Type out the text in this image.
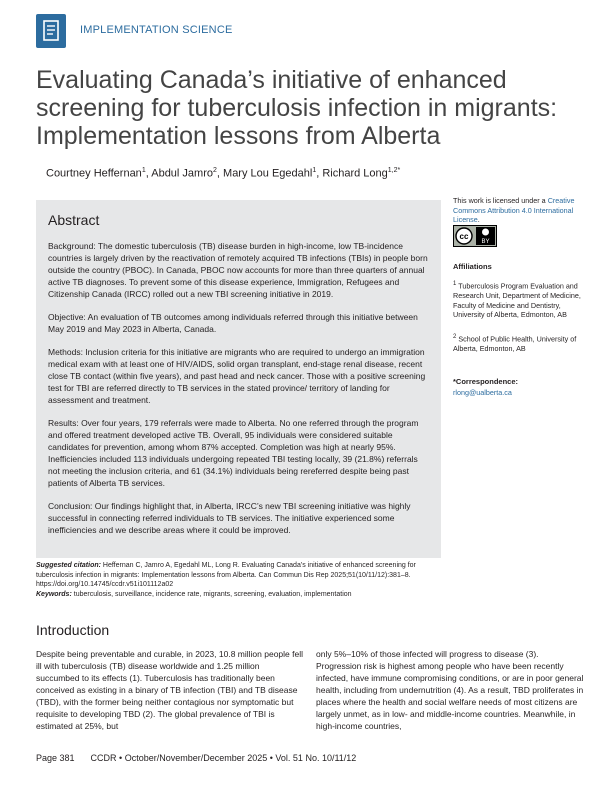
IMPLEMENTATION SCIENCE
Evaluating Canada’s initiative of enhanced screening for tuberculosis infection in migrants: Implementation lessons from Alberta
Courtney Heffernan$^1$, Abdul Jamro$^2$, Mary Lou Egedahl$^1$, Richard Long$^{1,2*}$
Abstract

Background: The domestic tuberculosis (TB) disease burden in high-income, low TB-incidence countries is largely driven by the reactivation of remotely acquired TB infections (TBIs) in people born outside the country (PBOC). In Canada, PBOC now accounts for more than three quarters of annual active TB diagnoses. To prevent some of this disease experience, Immigration, Refugees and Citizenship Canada (IRCC) rolled out a new TBI screening initiative in 2019.

Objective: An evaluation of TB outcomes among individuals referred through this initiative between May 2019 and May 2023 in Alberta, Canada.

Methods: Inclusion criteria for this initiative are migrants who are required to undergo an immigration medical exam with at least one of HIV/AIDS, solid organ transplant, end-stage renal disease, recent close TB contact (within five years), and past head and neck cancer. Those with a positive screening test for TBI are referred directly to TB services in the stated province/ territory of landing for assessment and treatment.

Results: Over four years, 179 referrals were made to Alberta. No one referred through the program and offered treatment developed active TB. Overall, 95 individuals were considered suitable candidates for prevention, among whom 87% accepted. Completion was high at nearly 95%. Inefficiencies included 113 individuals undergoing repeated TBI testing locally, 39 (21.8%) referrals not meeting the inclusion criteria, and 61 (34.1%) individuals being rereferred despite being past patients of Alberta TB services.

Conclusion: Our findings highlight that, in Alberta, IRCC’s new TBI screening initiative was highly successful in connecting referred individuals to TB services. The initiative experienced some inefficiencies and we describe areas where it could be improved.

This work is licensed under a Creative Commons Attribution 4.0 International License.
cc
BY
Affiliations
$^1$ Tuberculosis Program Evaluation and Research Unit, Department of Medicine, Faculty of Medicine and Dentistry, University of Alberta, Edmonton, AB
$^2$ School of Public Health, University of Alberta, Edmonton, AB
*Correspondence:
rlong@ualberta.ca
Suggested citation: Heffernan C, Jamro A, Egedahl ML, Long R. Evaluating Canada’s initiative of enhanced screening for tuberculosis infection in migrants: Implementation lessons from Alberta. Can Commun Dis Rep 2025;51(10/11/12):381–8. https://doi.org/10.14745/ccdr.v51i101112a02
Keywords: tuberculosis, surveillance, incidence rate, migrants, screening, evaluation, implementation
Introduction

Despite being preventable and curable, in 2023, 10.8 million people fell ill with tuberculosis (TB) disease worldwide and 1.25 million succumbed to its effects (1). Tuberculosis has traditionally been conceived as existing in a binary of TB infection (TBI) and TB disease (TBD), with the former being neither contagious nor symptomatic but requisite to developing TBD (2). The global prevalence of TBI is estimated at 25%, but

only 5%–10% of those infected will progress to disease (3). Progression risk is highest among people who have been recently infected, have immune compromising conditions, or are in poor general health, including from undernutrition (4). As a result, TBD proliferates in places where the health and social welfare needs of most citizens are largely unmet, as in low- and middle-income countries. Meanwhile, in high-income countries,

Page 381 CCDR • October/November/December 2025 • Vol. 51 No. 10/11/12
